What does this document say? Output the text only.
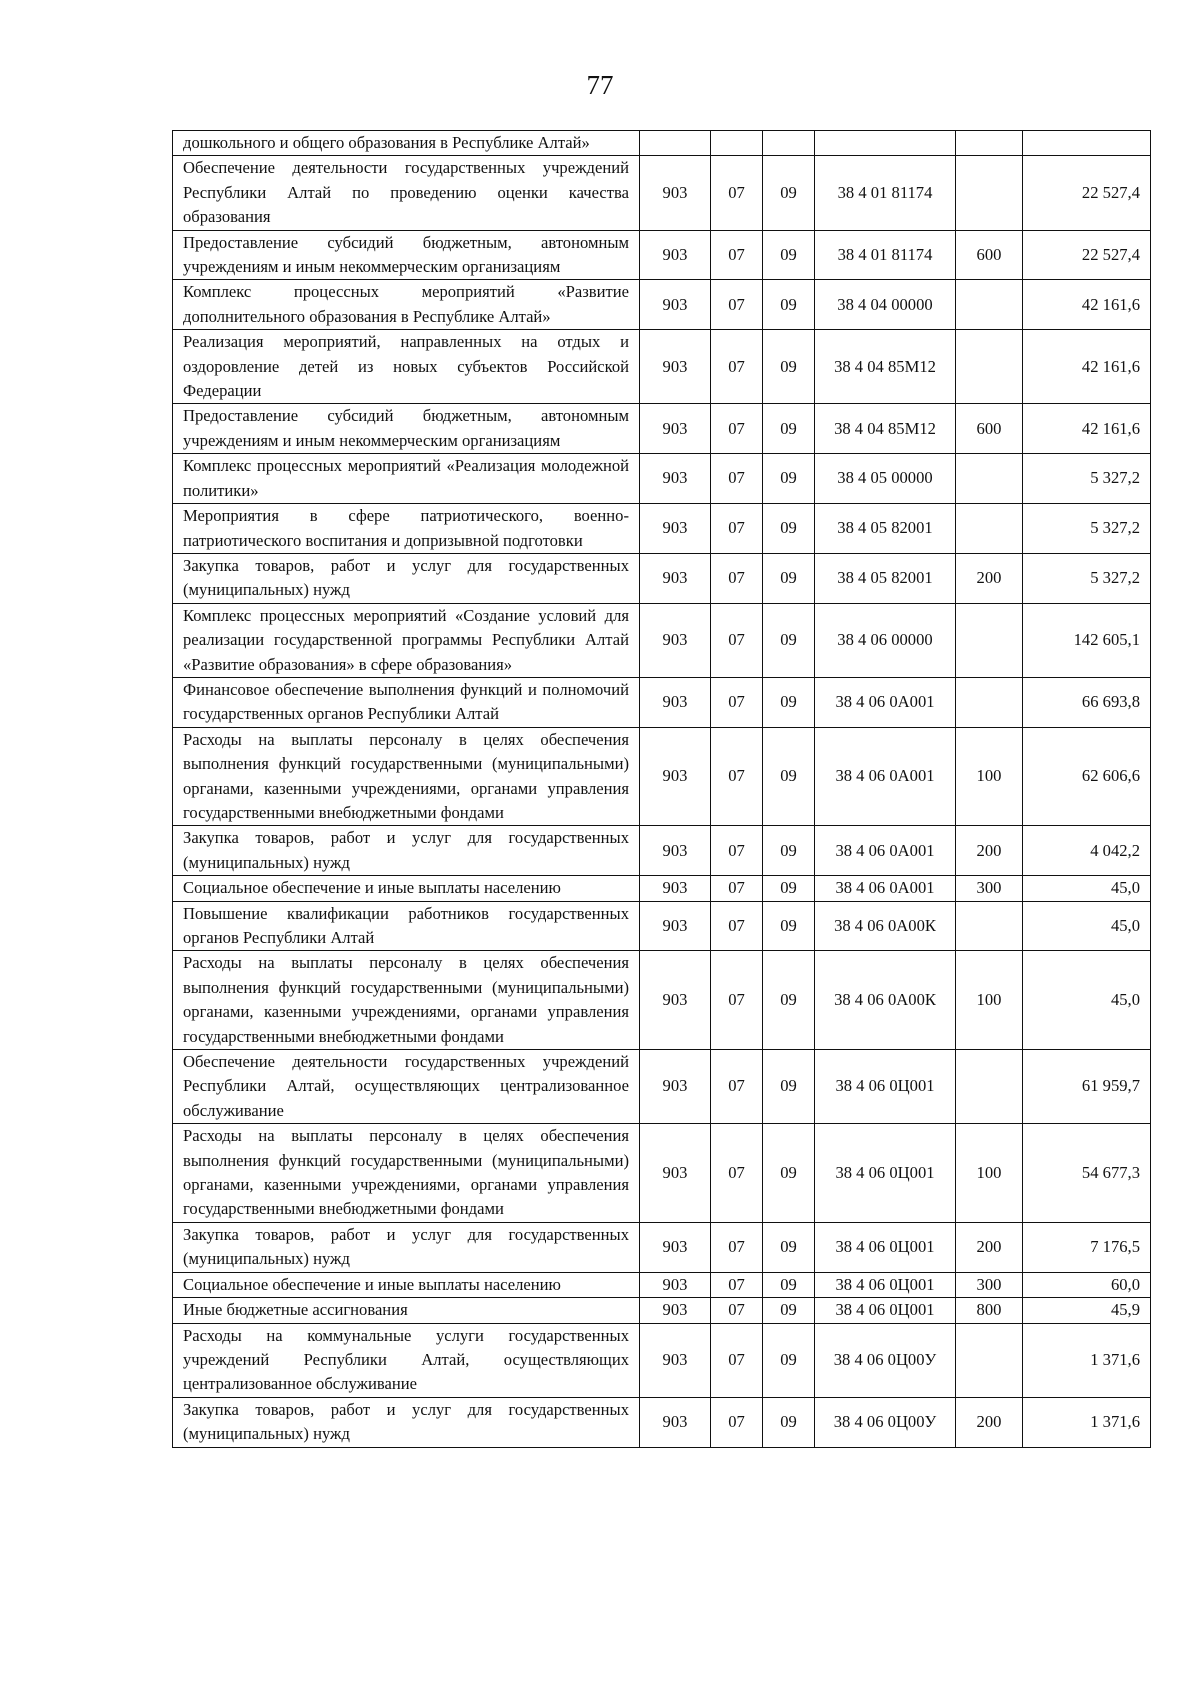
77
дошкольного и общего образования в Республике Алтай»						
Обеспечение деятельности государственных учреждений Республики Алтай по проведению оценки качества образования	903	07	09	38 4 01 81174		22 527,4
Предоставление субсидий бюджетным, автономным учреждениям и иным некоммерческим организациям	903	07	09	38 4 01 81174	600	22 527,4
Комплекс процессных мероприятий «Развитие дополнительного образования в Республике Алтай»	903	07	09	38 4 04 00000		42 161,6
Реализация мероприятий, направленных на отдых и оздоровление детей из новых субъектов Российской Федерации	903	07	09	38 4 04 85М12		42 161,6
Предоставление субсидий бюджетным, автономным учреждениям и иным некоммерческим организациям	903	07	09	38 4 04 85М12	600	42 161,6
Комплекс процессных мероприятий «Реализация молодежной политики»	903	07	09	38 4 05 00000		5 327,2
Мероприятия в сфере патриотического, военно-патриотического воспитания и допризывной подготовки	903	07	09	38 4 05 82001		5 327,2
Закупка товаров, работ и услуг для государственных (муниципальных) нужд	903	07	09	38 4 05 82001	200	5 327,2
Комплекс процессных мероприятий «Создание условий для реализации государственной программы Республики Алтай «Развитие образования» в сфере образования»	903	07	09	38 4 06 00000		142 605,1
Финансовое обеспечение выполнения функций и полномочий государственных органов Республики Алтай	903	07	09	38 4 06 0А001		66 693,8
Расходы на выплаты персоналу в целях обеспечения выполнения функций государственными (муниципальными) органами, казенными учреждениями, органами управления государственными внебюджетными фондами	903	07	09	38 4 06 0А001	100	62 606,6
Закупка товаров, работ и услуг для государственных (муниципальных) нужд	903	07	09	38 4 06 0А001	200	4 042,2
Социальное обеспечение и иные выплаты населению	903	07	09	38 4 06 0А001	300	45,0
Повышение квалификации работников государственных органов Республики Алтай	903	07	09	38 4 06 0А00К		45,0
Расходы на выплаты персоналу в целях обеспечения выполнения функций государственными (муниципальными) органами, казенными учреждениями, органами управления государственными внебюджетными фондами	903	07	09	38 4 06 0А00К	100	45,0
Обеспечение деятельности государственных учреждений Республики Алтай, осуществляющих централизованное обслуживание	903	07	09	38 4 06 0Ц001		61 959,7
Расходы на выплаты персоналу в целях обеспечения выполнения функций государственными (муниципальными) органами, казенными учреждениями, органами управления государственными внебюджетными фондами	903	07	09	38 4 06 0Ц001	100	54 677,3
Закупка товаров, работ и услуг для государственных (муниципальных) нужд	903	07	09	38 4 06 0Ц001	200	7 176,5
Социальное обеспечение и иные выплаты населению	903	07	09	38 4 06 0Ц001	300	60,0
Иные бюджетные ассигнования	903	07	09	38 4 06 0Ц001	800	45,9
Расходы на коммунальные услуги государственных учреждений Республики Алтай, осуществляющих централизованное обслуживание	903	07	09	38 4 06 0Ц00У		1 371,6
Закупка товаров, работ и услуг для государственных (муниципальных) нужд	903	07	09	38 4 06 0Ц00У	200	1 371,6
